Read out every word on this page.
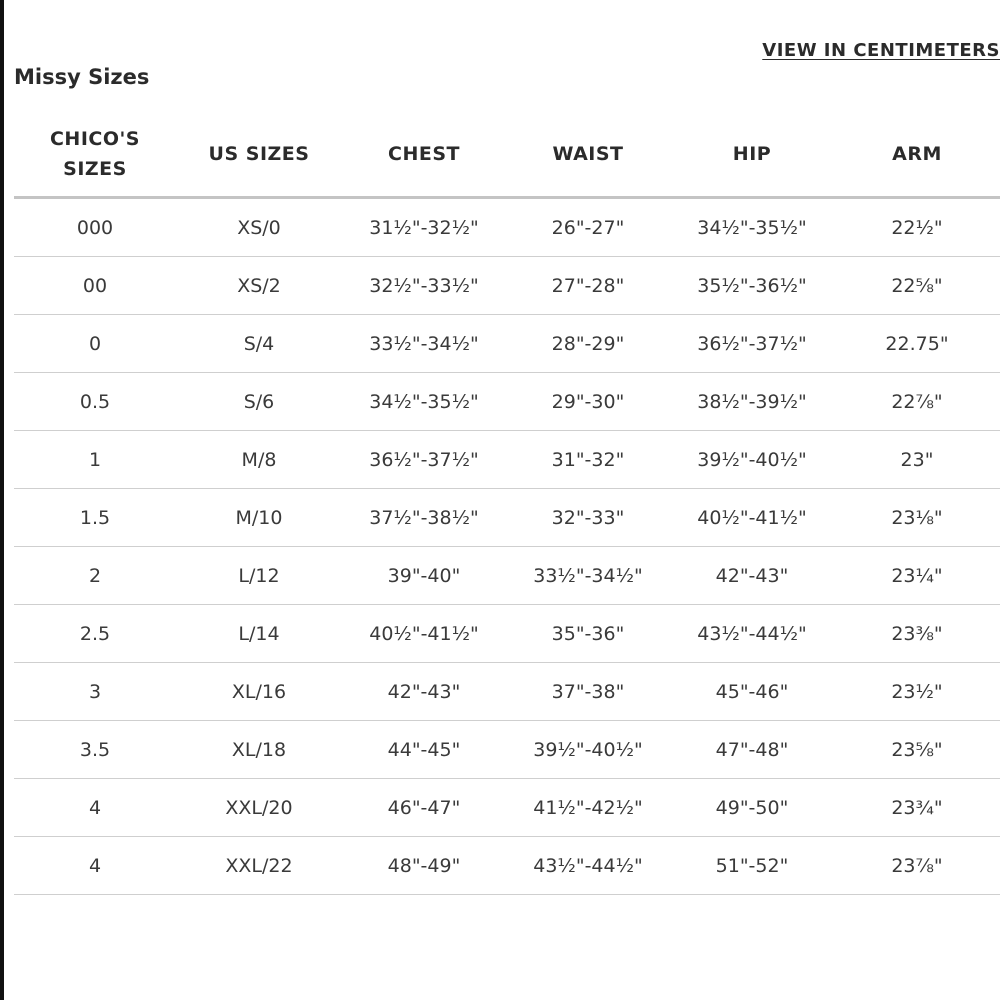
VIEW IN CENTIMETERS
Missy Sizes
CHICO'S SIZES	US SIZES	CHEST	WAIST	HIP	ARM
000	XS/0	31½"-32½"	26"-27"	34½"-35½"	22½"
00	XS/2	32½"-33½"	27"-28"	35½"-36½"	22⅝"
0	S/4	33½"-34½"	28"-29"	36½"-37½"	22.75"
0.5	S/6	34½"-35½"	29"-30"	38½"-39½"	22⅞"
1	M/8	36½"-37½"	31"-32"	39½"-40½"	23"
1.5	M/10	37½"-38½"	32"-33"	40½"-41½"	23⅛"
2	L/12	39"-40"	33½"-34½"	42"-43"	23¼"
2.5	L/14	40½"-41½"	35"-36"	43½"-44½"	23⅜"
3	XL/16	42"-43"	37"-38"	45"-46"	23½"
3.5	XL/18	44"-45"	39½"-40½"	47"-48"	23⅝"
4	XXL/20	46"-47"	41½"-42½"	49"-50"	23¾"
4	XXL/22	48"-49"	43½"-44½"	51"-52"	23⅞"
